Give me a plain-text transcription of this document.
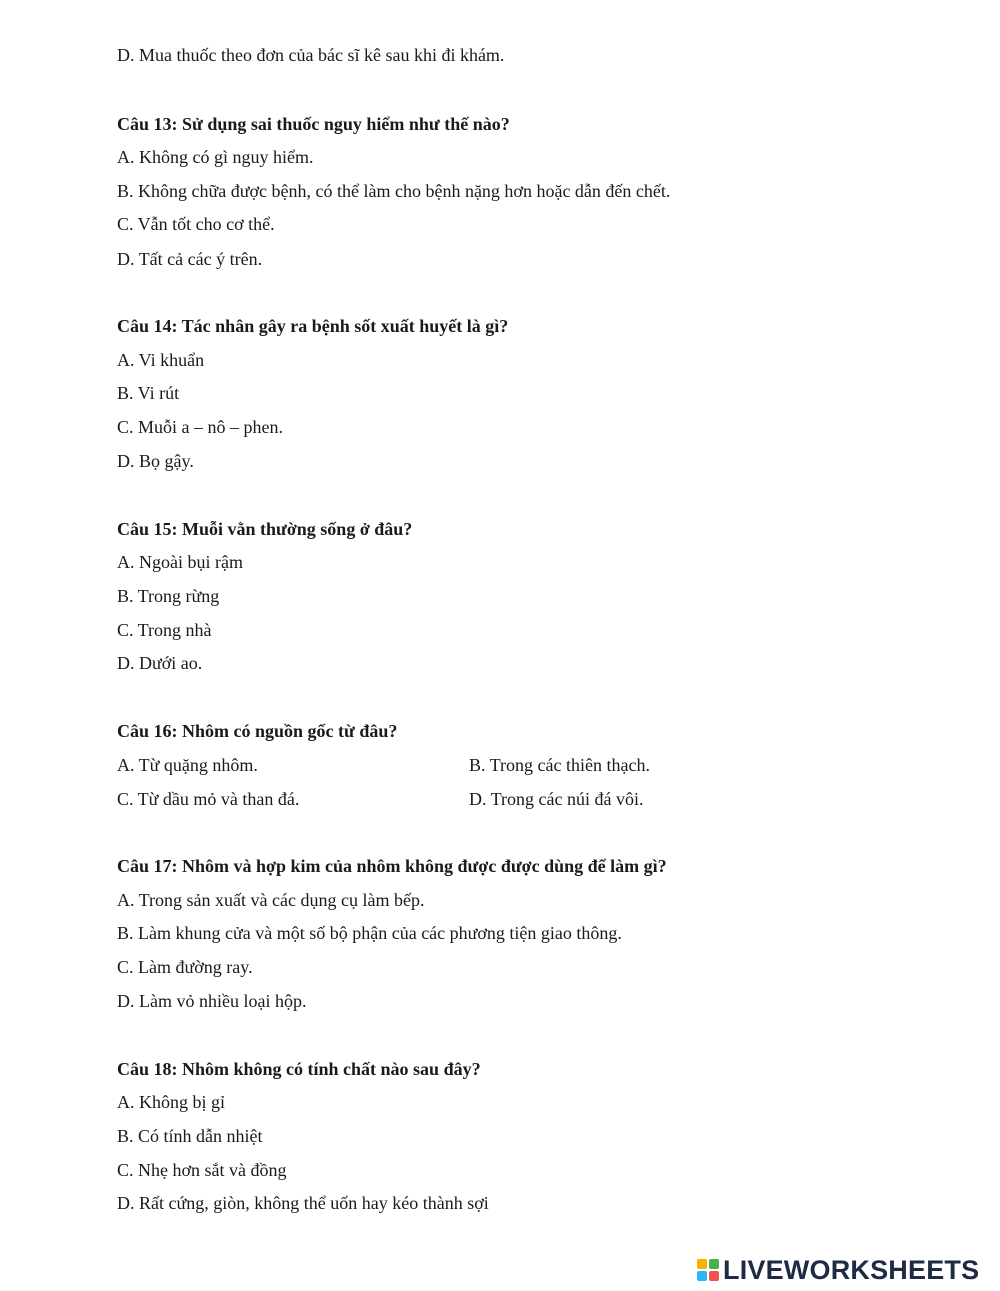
D. Mua thuốc theo đơn của bác sĩ kê sau khi đi khám.
Câu 13: Sử dụng sai thuốc nguy hiểm như thế nào?
A. Không có gì nguy hiểm.
B. Không chữa được bệnh, có thể làm cho bệnh nặng hơn hoặc dẫn đến chết.
C. Vẫn tốt cho cơ thể.
D. Tất cả các ý trên.
Câu 14: Tác nhân gây ra bệnh sốt xuất huyết là gì?
A. Vi khuẩn
B. Vi rút
C. Muỗi a – nô – phen.
D. Bọ gậy.
Câu 15: Muỗi vằn thường sống ở đâu?
A. Ngoài bụi rậm
B. Trong rừng
C. Trong nhà
D. Dưới ao.
Câu 16: Nhôm có nguồn gốc từ đâu?
A. Từ quặng nhôm.	B. Trong các thiên thạch.
C. Từ dầu mỏ và than đá.	D. Trong các núi đá vôi.
Câu 17: Nhôm và hợp kim của nhôm không được được dùng để làm gì?
A. Trong sản xuất và các dụng cụ làm bếp.
B. Làm khung cửa và một số bộ phận của các phương tiện giao thông.
C. Làm đường ray.
D. Làm vỏ nhiều loại hộp.
Câu 18: Nhôm không có tính chất nào sau đây?
A. Không bị gỉ
B. Có tính dẫn nhiệt
C. Nhẹ hơn sắt và đồng
D. Rất cứng, giòn, không thể uốn hay kéo thành sợi
LIVEWORKSHEETS
